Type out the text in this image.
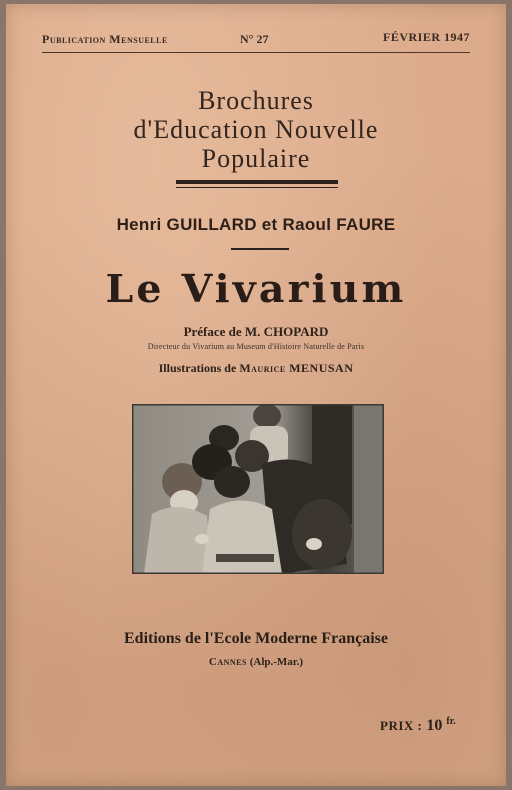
Publication Mensuelle	N° 27	FÉVRIER 1947
Brochures
d'Education Nouvelle
Populaire
Henri GUILLARD et Raoul FAURE
Le Vivarium
Préface de M. CHOPARD
Directeur du Vivarium au Museum d'Histoire Naturelle de Paris
Illustrations de Maurice MENUSAN
Editions de l'Ecole Moderne Française
Cannes (Alp.-Mar.)
PRIX : 10 $^{fr.}$
